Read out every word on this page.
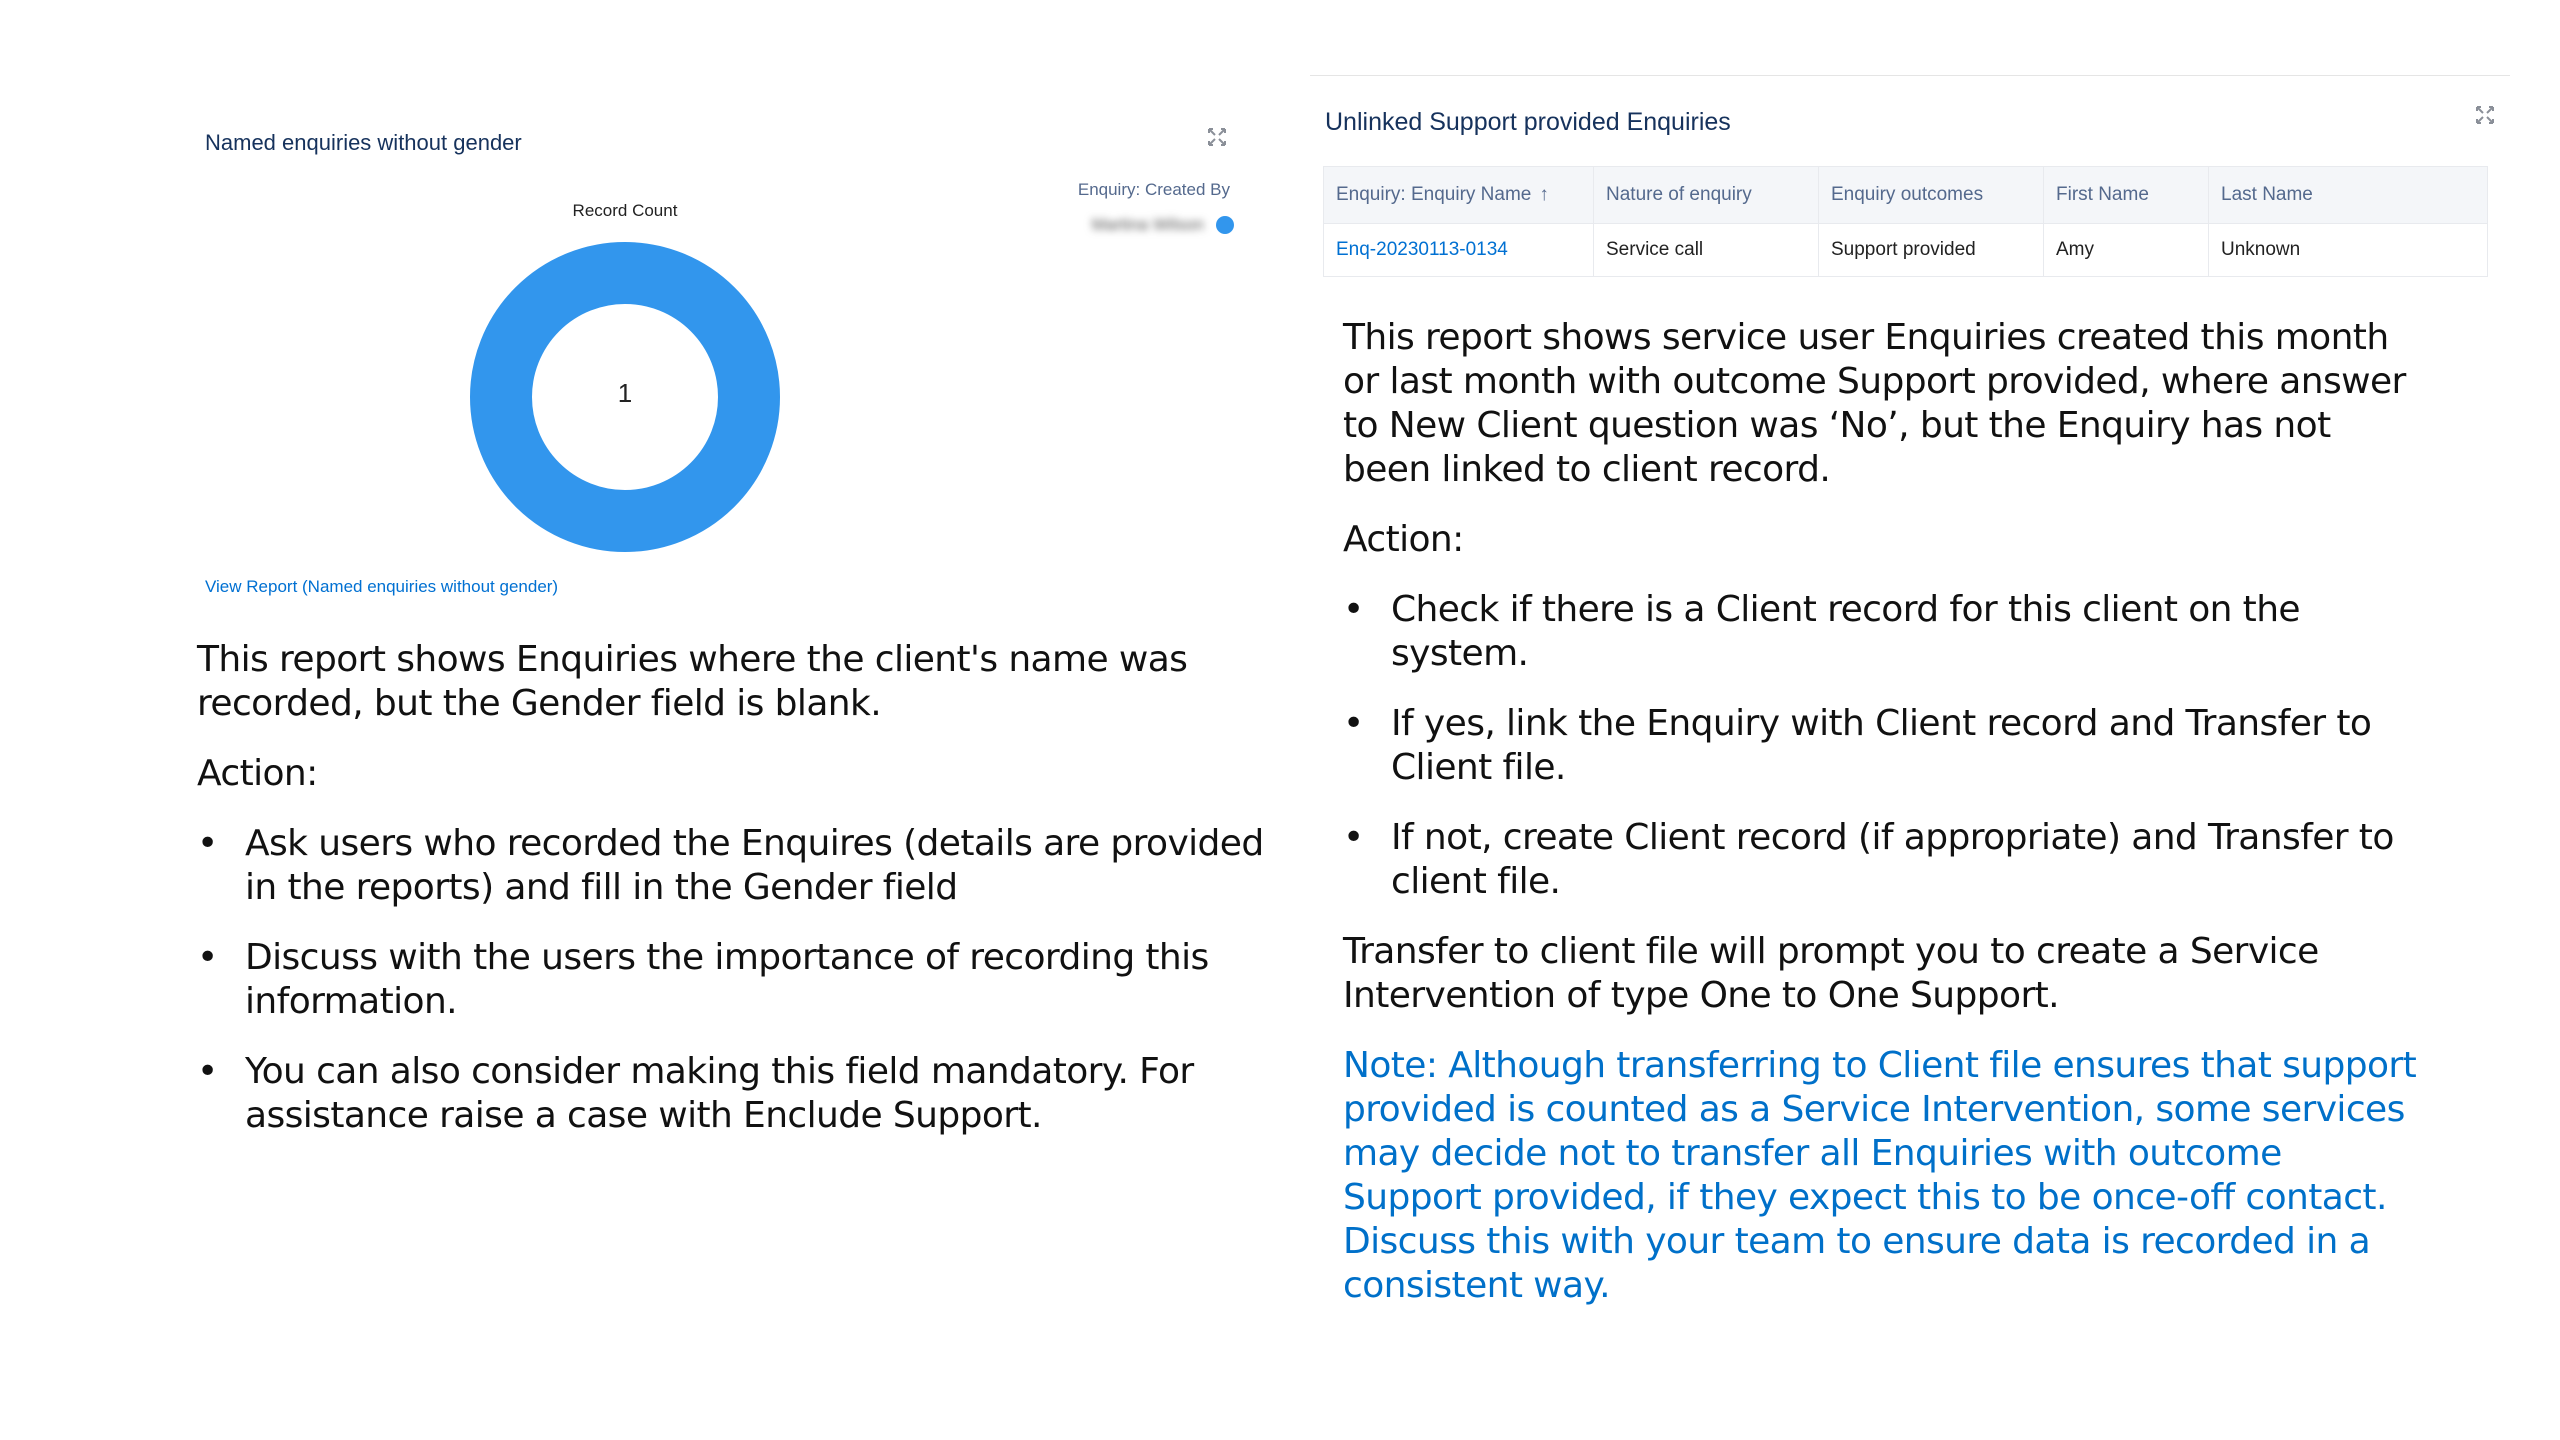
Record Count
1
Named enquiries without gender
Enquiry: Created By
Martina Wilson
View Report (Named enquiries without gender)
Unlinked Support provided Enquiries
Enquiry: Enquiry Name ↑	Nature of enquiry	Enquiry outcomes	First Name	Last Name
Enq-20230113-0134	Service call	Support provided	Amy	Unknown

This report shows Enquiries where the client's name was recorded, but the Gender field is blank.

Action:

• Ask users who recorded the Enquires (details are provided in the reports) and fill in the Gender field
• Discuss with the users the importance of recording this information.
• You can also consider making this field mandatory. For assistance raise a case with Enclude Support.

This report shows service user Enquiries created this month or last month with outcome Support provided, where answer to New Client question was ‘No’, but the Enquiry has not been linked to client record.

Action:

• Check if there is a Client record for this client on the system.
• If yes, link the Enquiry with Client record and Transfer to Client file.
• If not, create Client record (if appropriate) and Transfer to client file.

Transfer to client file will prompt you to create a Service Intervention of type One to One Support.

Note: Although transferring to Client file ensures that support provided is counted as a Service Intervention, some services may decide not to transfer all Enquiries with outcome Support provided, if they expect this to be once-off contact. Discuss this with your team to ensure data is recorded in a consistent way.
